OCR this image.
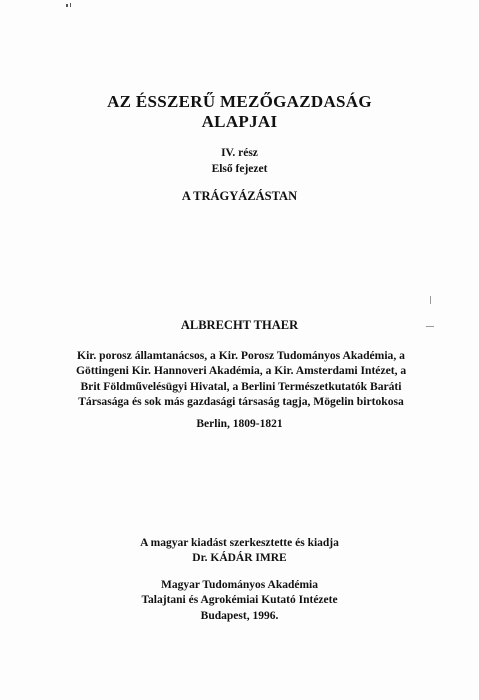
AZ ÉSSZERŰ MEZŐGAZDASÁG
ALAPJAI
IV. rész
Első fejezet
A TRÁGYÁZÁSTAN
ALBRECHT THAER
Kir. porosz államtanácsos, a Kir. Porosz Tudományos Akadémia, a
Göttingeni Kir. Hannoveri Akadémia, a Kir. Amsterdami Intézet, a
Brit Földművelésügyi Hivatal, a Berlini Természetkutatók Baráti
Társasága és sok más gazdasági társaság tagja, Mögelin birtokosa
Berlin, 1809-1821
A magyar kiadást szerkesztette és kiadja
Dr. KÁDÁR IMRE
Magyar Tudományos Akadémia
Talajtani és Agrokémiai Kutató Intézete
Budapest, 1996.
